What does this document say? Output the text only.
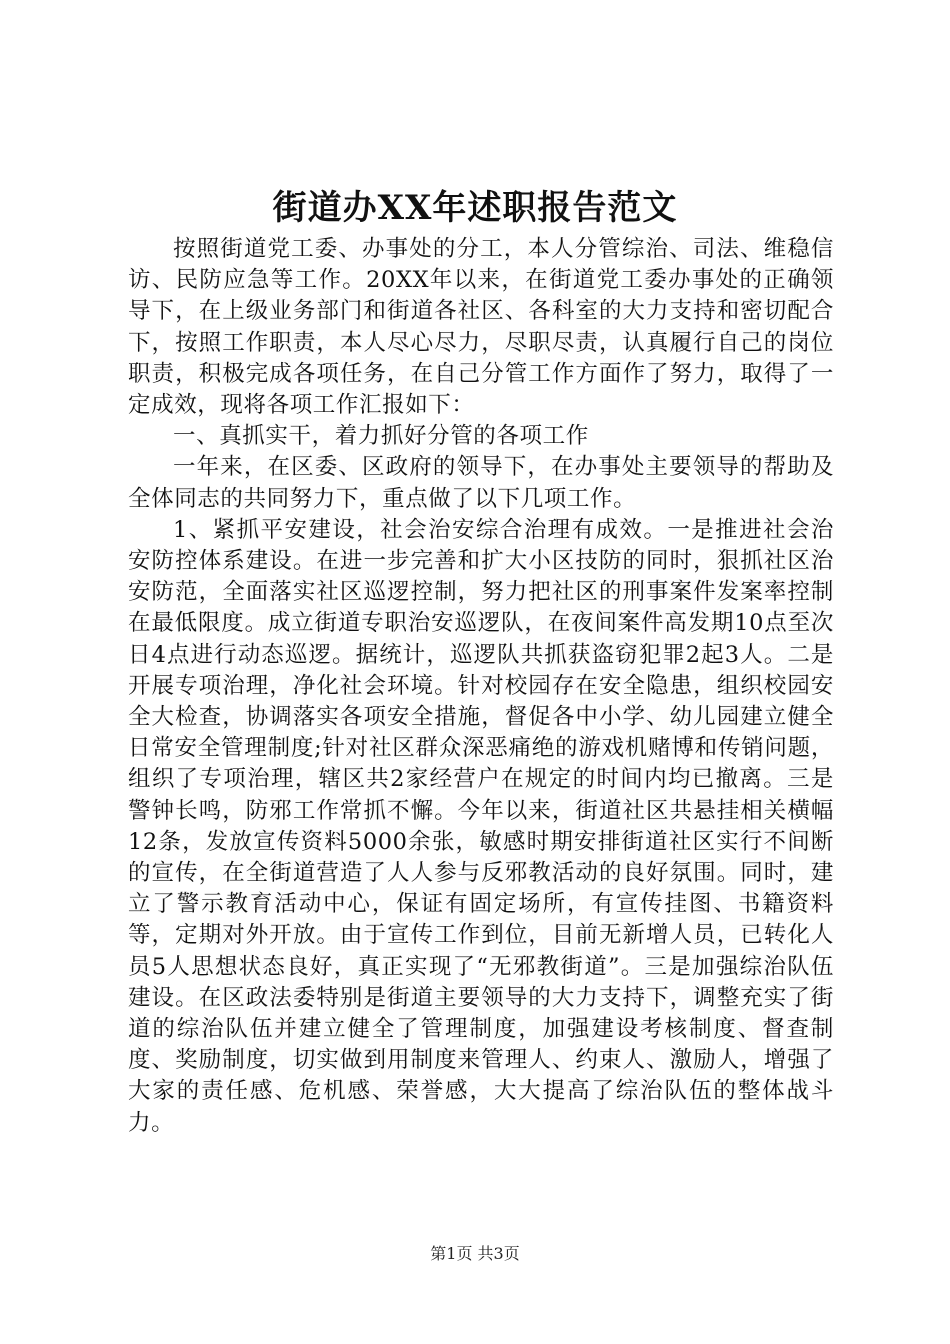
街道办XX年述职报告范文

按照街道党工委、办事处的分工，本人分管综治、司法、维稳信访、民防应急等工作。20XX年以来，在街道党工委办事处的正确领导下，在上级业务部门和街道各社区、各科室的大力支持和密切配合下，按照工作职责，本人尽心尽力，尽职尽责，认真履行自己的岗位职责，积极完成各项任务，在自己分管工作方面作了努力，取得了一定成效，现将各项工作汇报如下：

一、真抓实干，着力抓好分管的各项工作

一年来，在区委、区政府的领导下，在办事处主要领导的帮助及全体同志的共同努力下，重点做了以下几项工作。

1、紧抓平安建设，社会治安综合治理有成效。一是推进社会治安防控体系建设。在进一步完善和扩大小区技防的同时，狠抓社区治安防范，全面落实社区巡逻控制，努力把社区的刑事案件发案率控制在最低限度。成立街道专职治安巡逻队，在夜间案件高发期10点至次日4点进行动态巡逻。据统计，巡逻队共抓获盗窃犯罪2起3人。二是开展专项治理，净化社会环境。针对校园存在安全隐患，组织校园安全大检查，协调落实各项安全措施，督促各中小学、幼儿园建立健全日常安全管理制度;针对社区群众深恶痛绝的游戏机赌博和传销问题，组织了专项治理，辖区共2家经营户在规定的时间内均已撤离。三是警钟长鸣，防邪工作常抓不懈。今年以来，街道社区共悬挂相关横幅12条，发放宣传资料5000余张，敏感时期安排街道社区实行不间断的宣传，在全街道营造了人人参与反邪教活动的良好氛围。同时，建立了警示教育活动中心，保证有固定场所，有宣传挂图、书籍资料等，定期对外开放。由于宣传工作到位，目前无新增人员，已转化人员5人思想状态良好，真正实现了“无邪教街道”。三是加强综治队伍建设。在区政法委特别是街道主要领导的大力支持下，调整充实了街道的综治队伍并建立健全了管理制度，加强建设考核制度、督查制度、奖励制度，切实做到用制度来管理人、约束人、激励人，增强了大家的责任感、危机感、荣誉感，大大提高了综治队伍的整体战斗力。

第1页 共3页
